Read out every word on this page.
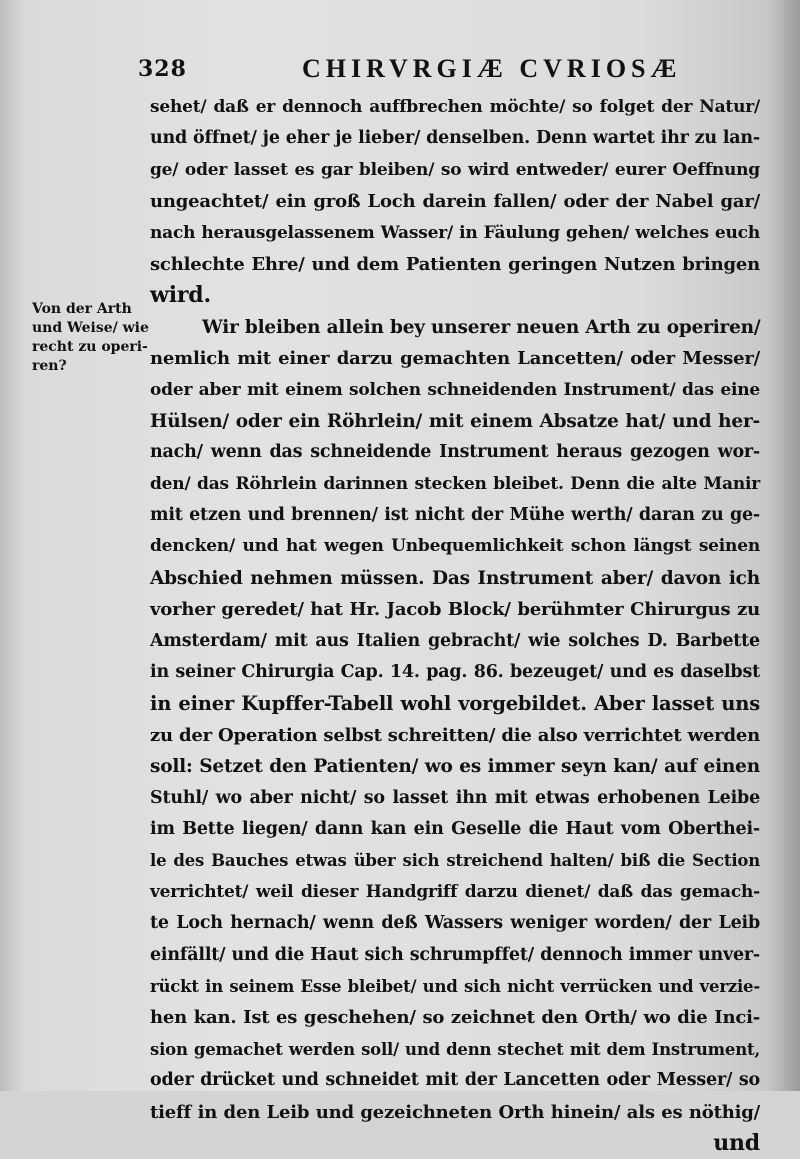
328	CHIRVRGIÆ CVRIOSÆ
Von der Arth
und Weise/ wie
recht zu operi-
ren?
sehet/ daß er dennoch auffbrechen möchte/ so folget der Natur/
und öffnet/ je eher je lieber/ denselben. Denn wartet ihr zu lan-
ge/ oder lasset es gar bleiben/ so wird entweder/ eurer Oeffnung
ungeachtet/ ein groß Loch darein fallen/ oder der Nabel gar/
nach herausgelassenem Wasser/ in Fäulung gehen/ welches euch
schlechte Ehre/ und dem Patienten geringen Nutzen bringen
wird.
Wir bleiben allein bey unserer neuen Arth zu operiren/
nemlich mit einer darzu gemachten Lancetten/ oder Messer/
oder aber mit einem solchen schneidenden Instrument/ das eine
Hülsen/ oder ein Röhrlein/ mit einem Absatze hat/ und her-
nach/ wenn das schneidende Instrument heraus gezogen wor-
den/ das Röhrlein darinnen stecken bleibet. Denn die alte Manir
mit etzen und brennen/ ist nicht der Mühe werth/ daran zu ge-
dencken/ und hat wegen Unbequemlichkeit schon längst seinen
Abschied nehmen müssen. Das Instrument aber/ davon ich
vorher geredet/ hat Hr. Jacob Block/ berühmter Chirurgus zu
Amsterdam/ mit aus Italien gebracht/ wie solches D. Barbette
in seiner Chirurgia Cap. 14. pag. 86. bezeuget/ und es daselbst
in einer Kupffer-Tabell wohl vorgebildet. Aber lasset uns
zu der Operation selbst schreitten/ die also verrichtet werden
soll: Setzet den Patienten/ wo es immer seyn kan/ auf einen
Stuhl/ wo aber nicht/ so lasset ihn mit etwas erhobenen Leibe
im Bette liegen/ dann kan ein Geselle die Haut vom Oberthei-
le des Bauches etwas über sich streichend halten/ biß die Section
verrichtet/ weil dieser Handgriff darzu dienet/ daß das gemach-
te Loch hernach/ wenn deß Wassers weniger worden/ der Leib
einfällt/ und die Haut sich schrumpffet/ dennoch immer unver-
rückt in seinem Esse bleibet/ und sich nicht verrücken und verzie-
hen kan. Ist es geschehen/ so zeichnet den Orth/ wo die Inci-
sion gemachet werden soll/ und denn stechet mit dem Instrument,
oder drücket und schneidet mit der Lancetten oder Messer/ so
tieff in den Leib und gezeichneten Orth hinein/ als es nöthig/
und
